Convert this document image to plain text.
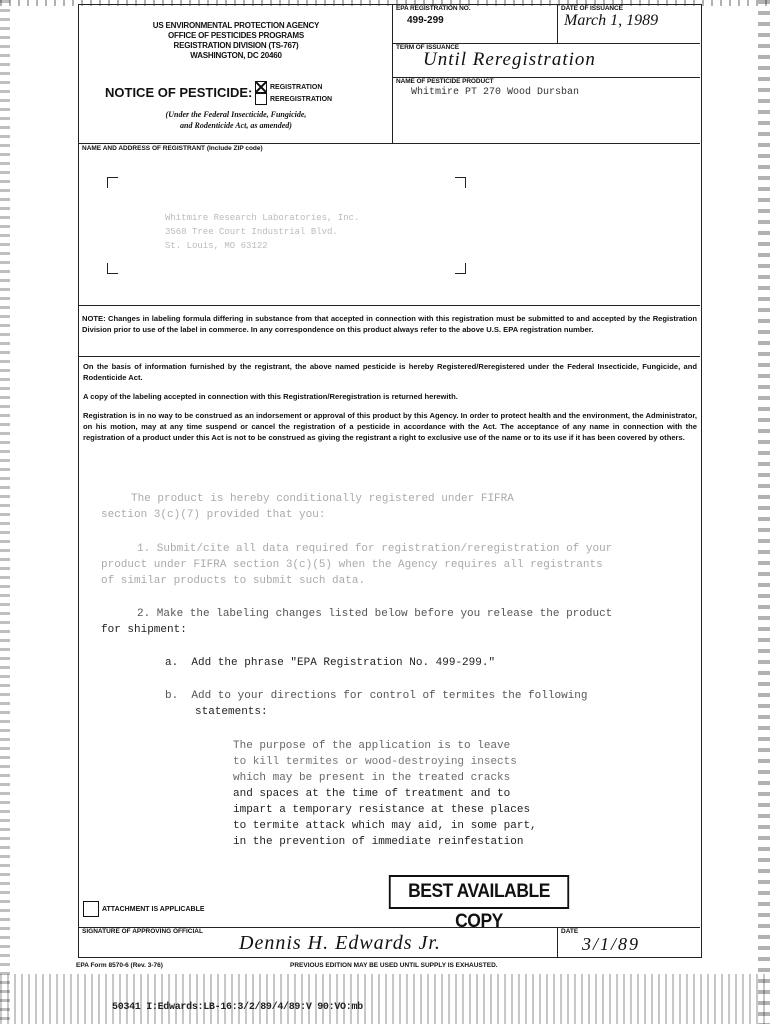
US ENVIRONMENTAL PROTECTION AGENCY
OFFICE OF PESTICIDES PROGRAMS
REGISTRATION DIVISION (TS-767)
WASHINGTON, DC 20460
NOTICE OF PESTICIDE:	REGISTRATION
REREGISTRATION
(Under the Federal Insecticide, Fungicide,
and Rodenticide Act, as amended)
EPA REGISTRATION NO.
499-299
DATE OF ISSUANCE
March 1, 1989
TERM OF ISSUANCE
Until Reregistration
NAME OF PESTICIDE PRODUCT
Whitmire PT 270 Wood Dursban
NAME AND ADDRESS OF REGISTRANT (Include ZIP code)
Whitmire Research Laboratories, Inc.
3568 Tree Court Industrial Blvd.
St. Louis, MO 63122
NOTE: Changes in labeling formula differing in substance from that accepted in connection with this registration must be submitted to and accepted by the Registration Division prior to use of the label in commerce. In any correspondence on this product always refer to the above U.S. EPA registration number.

On the basis of information furnished by the registrant, the above named pesticide is hereby Registered/Reregistered under the Federal Insecticide, Fungicide, and Rodenticide Act.

A copy of the labeling accepted in connection with this Registration/Reregistration is returned herewith.

Registration is in no way to be construed as an indorsement or approval of this product by this Agency. In order to protect health and the environment, the Administrator, on his motion, may at any time suspend or cancel the registration of a pesticide in accordance with the Act. The acceptance of any name in connection with the registration of a product under this Act is not to be construed as giving the registrant a right to exclusive use of the name or to its use if it has been covered by others.

The product is hereby conditionally registered under FIFRA
section 3(c)(7) provided that you:
1. Submit/cite all data required for registration/reregistration of your
product under FIFRA section 3(c)(5) when the Agency requires all registrants
of similar products to submit such data.
2. Make the labeling changes listed below before you release the product
for shipment:
a.  Add the phrase "EPA Registration No. 499-299."
b.  Add to your directions for control of termites the following
statements:
The purpose of the application is to leave
to kill termites or wood-destroying insects
which may be present in the treated cracks
and spaces at the time of treatment and to
impart a temporary resistance at these places
to termite attack which may aid, in some part,
in the prevention of immediate reinfestation
BEST AVAILABLE COPY
ATTACHMENT IS APPLICABLE
SIGNATURE OF APPROVING OFFICIAL
Dennis H. Edwards Jr.
DATE
3/1/89
EPA Form 8570-6 (Rev. 3-76)	PREVIOUS EDITION MAY BE USED UNTIL SUPPLY IS EXHAUSTED.
50341 I:Edwards:LB-16:3/2/89/4/89:V 90:VO:mb
